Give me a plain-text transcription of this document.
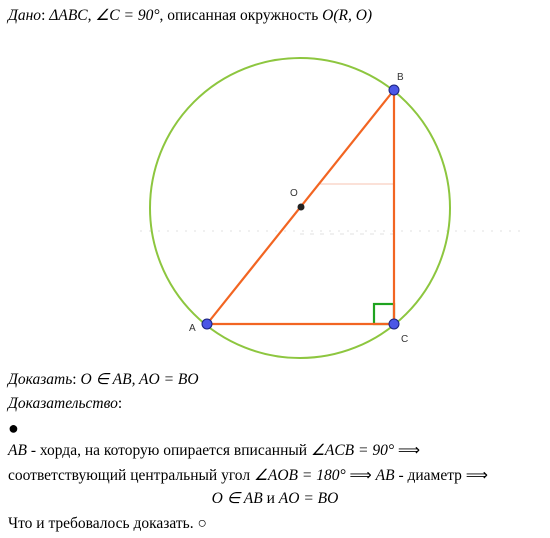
A
B
C
O
Дано: ΔABC, ∠C = 90°, описанная окружность O(R, O)
Доказать: O ∈ AB, AO = BO
Доказательство:
●
AB - хорда, на которую опирается вписанный ∠ACB = 90° ⟹
соответствующий центральный угол ∠AOB = 180° ⟹ AB - диаметр ⟹
O ∈ AB и AO = BO
Что и требовалось доказать. ○
